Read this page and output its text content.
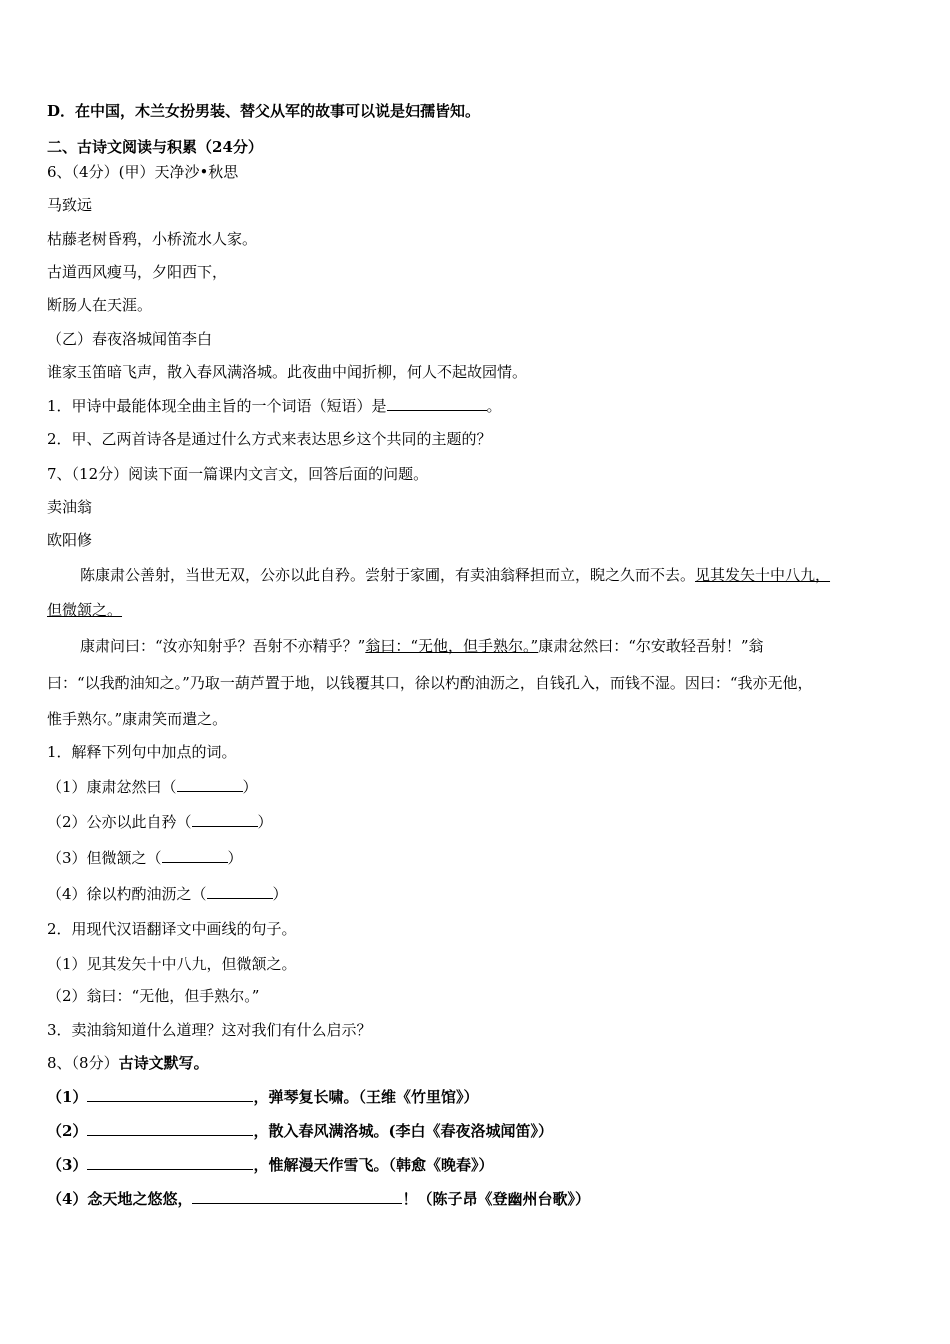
D．在中国，木兰女扮男装、替父从军的故事可以说是妇孺皆知。
二、古诗文阅读与积累（24分）
6、（4分）(甲）天净沙•秋思
马致远
枯藤老树昏鸦，小桥流水人家。
古道西风瘦马，夕阳西下，
断肠人在天涯。
（乙）春夜洛城闻笛李白
谁家玉笛暗飞声，散入春风满洛城。此夜曲中闻折柳，何人不起故园情。
1．甲诗中最能体现全曲主旨的一个词语（短语）是	。
2．甲、乙两首诗各是通过什么方式来表达思乡这个共同的主题的？
7、（12分）阅读下面一篇课内文言文，回答后面的问题。
卖油翁
欧阳修
陈康肃公善射，当世无双，公亦以此自矜。尝射于家圃，有卖油翁释担而立，睨之久而不去。见其发矢十中八九，
但微颔之。
康肃问曰：“汝亦知射乎？吾射不亦精乎？”翁曰：“无他，但手熟尔。”康肃忿然曰：“尔安敢轻吾射！”翁
曰：“以我酌油知之。”乃取一葫芦置于地，以钱覆其口，徐以杓酌油沥之，自钱孔入，而钱不湿。因曰：“我亦无他，
惟手熟尔。”康肃笑而遣之。
1．解释下列句中加点的词。
（1）康肃忿然曰（	）
（2）公亦以此自矜（	）
（3）但微颔之（	）
（4）徐以杓酌油沥之（	）
2．用现代汉语翻译文中画线的句子。
（1）见其发矢十中八九，但微颔之。
（2）翁曰：“无他，但手熟尔。”
3．卖油翁知道什么道理？这对我们有什么启示？
8、（8分）古诗文默写。
（1）	，弹琴复长啸。（王维《竹里馆》）
（2）	，散入春风满洛城。(李白《春夜洛城闻笛》）
（3）	，惟解漫天作雪飞。（韩愈《晚春》）
（4）念天地之悠悠，	！（陈子昂《登幽州台歌》）
